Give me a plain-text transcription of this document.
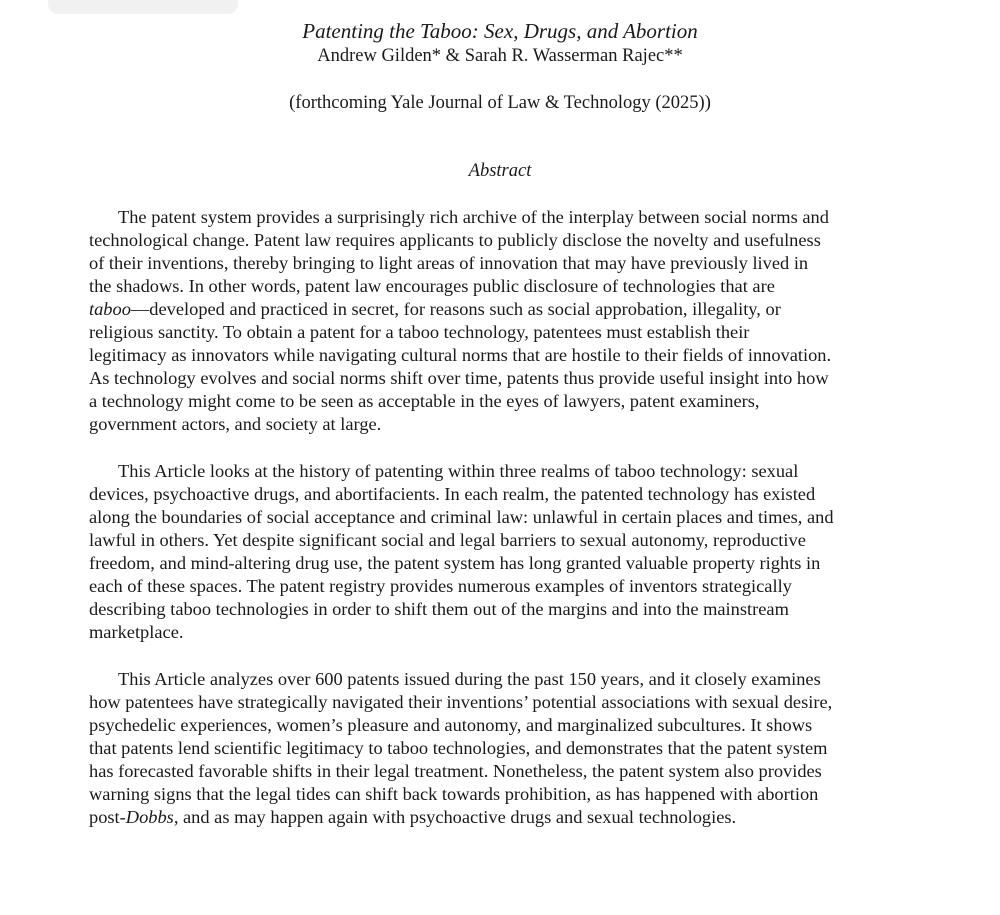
Patenting the Taboo: Sex, Drugs, and Abortion
Andrew Gilden* & Sarah R. Wasserman Rajec**
(forthcoming Yale Journal of Law & Technology (2025))
Abstract

The patent system provides a surprisingly rich archive of the interplay between social norms and
technological change. Patent law requires applicants to publicly disclose the novelty and usefulness
of their inventions, thereby bringing to light areas of innovation that may have previously lived in
the shadows. In other words, patent law encourages public disclosure of technologies that are
taboo—developed and practiced in secret, for reasons such as social approbation, illegality, or
religious sanctity. To obtain a patent for a taboo technology, patentees must establish their
legitimacy as innovators while navigating cultural norms that are hostile to their fields of innovation.
As technology evolves and social norms shift over time, patents thus provide useful insight into how
a technology might come to be seen as acceptable in the eyes of lawyers, patent examiners,
government actors, and society at large.

This Article looks at the history of patenting within three realms of taboo technology: sexual
devices, psychoactive drugs, and abortifacients. In each realm, the patented technology has existed
along the boundaries of social acceptance and criminal law: unlawful in certain places and times, and
lawful in others. Yet despite significant social and legal barriers to sexual autonomy, reproductive
freedom, and mind-altering drug use, the patent system has long granted valuable property rights in
each of these spaces. The patent registry provides numerous examples of inventors strategically
describing taboo technologies in order to shift them out of the margins and into the mainstream
marketplace.

This Article analyzes over 600 patents issued during the past 150 years, and it closely examines
how patentees have strategically navigated their inventions’ potential associations with sexual desire,
psychedelic experiences, women’s pleasure and autonomy, and marginalized subcultures. It shows
that patents lend scientific legitimacy to taboo technologies, and demonstrates that the patent system
has forecasted favorable shifts in their legal treatment. Nonetheless, the patent system also provides
warning signs that the legal tides can shift back towards prohibition, as has happened with abortion
post-Dobbs, and as may happen again with psychoactive drugs and sexual technologies.
